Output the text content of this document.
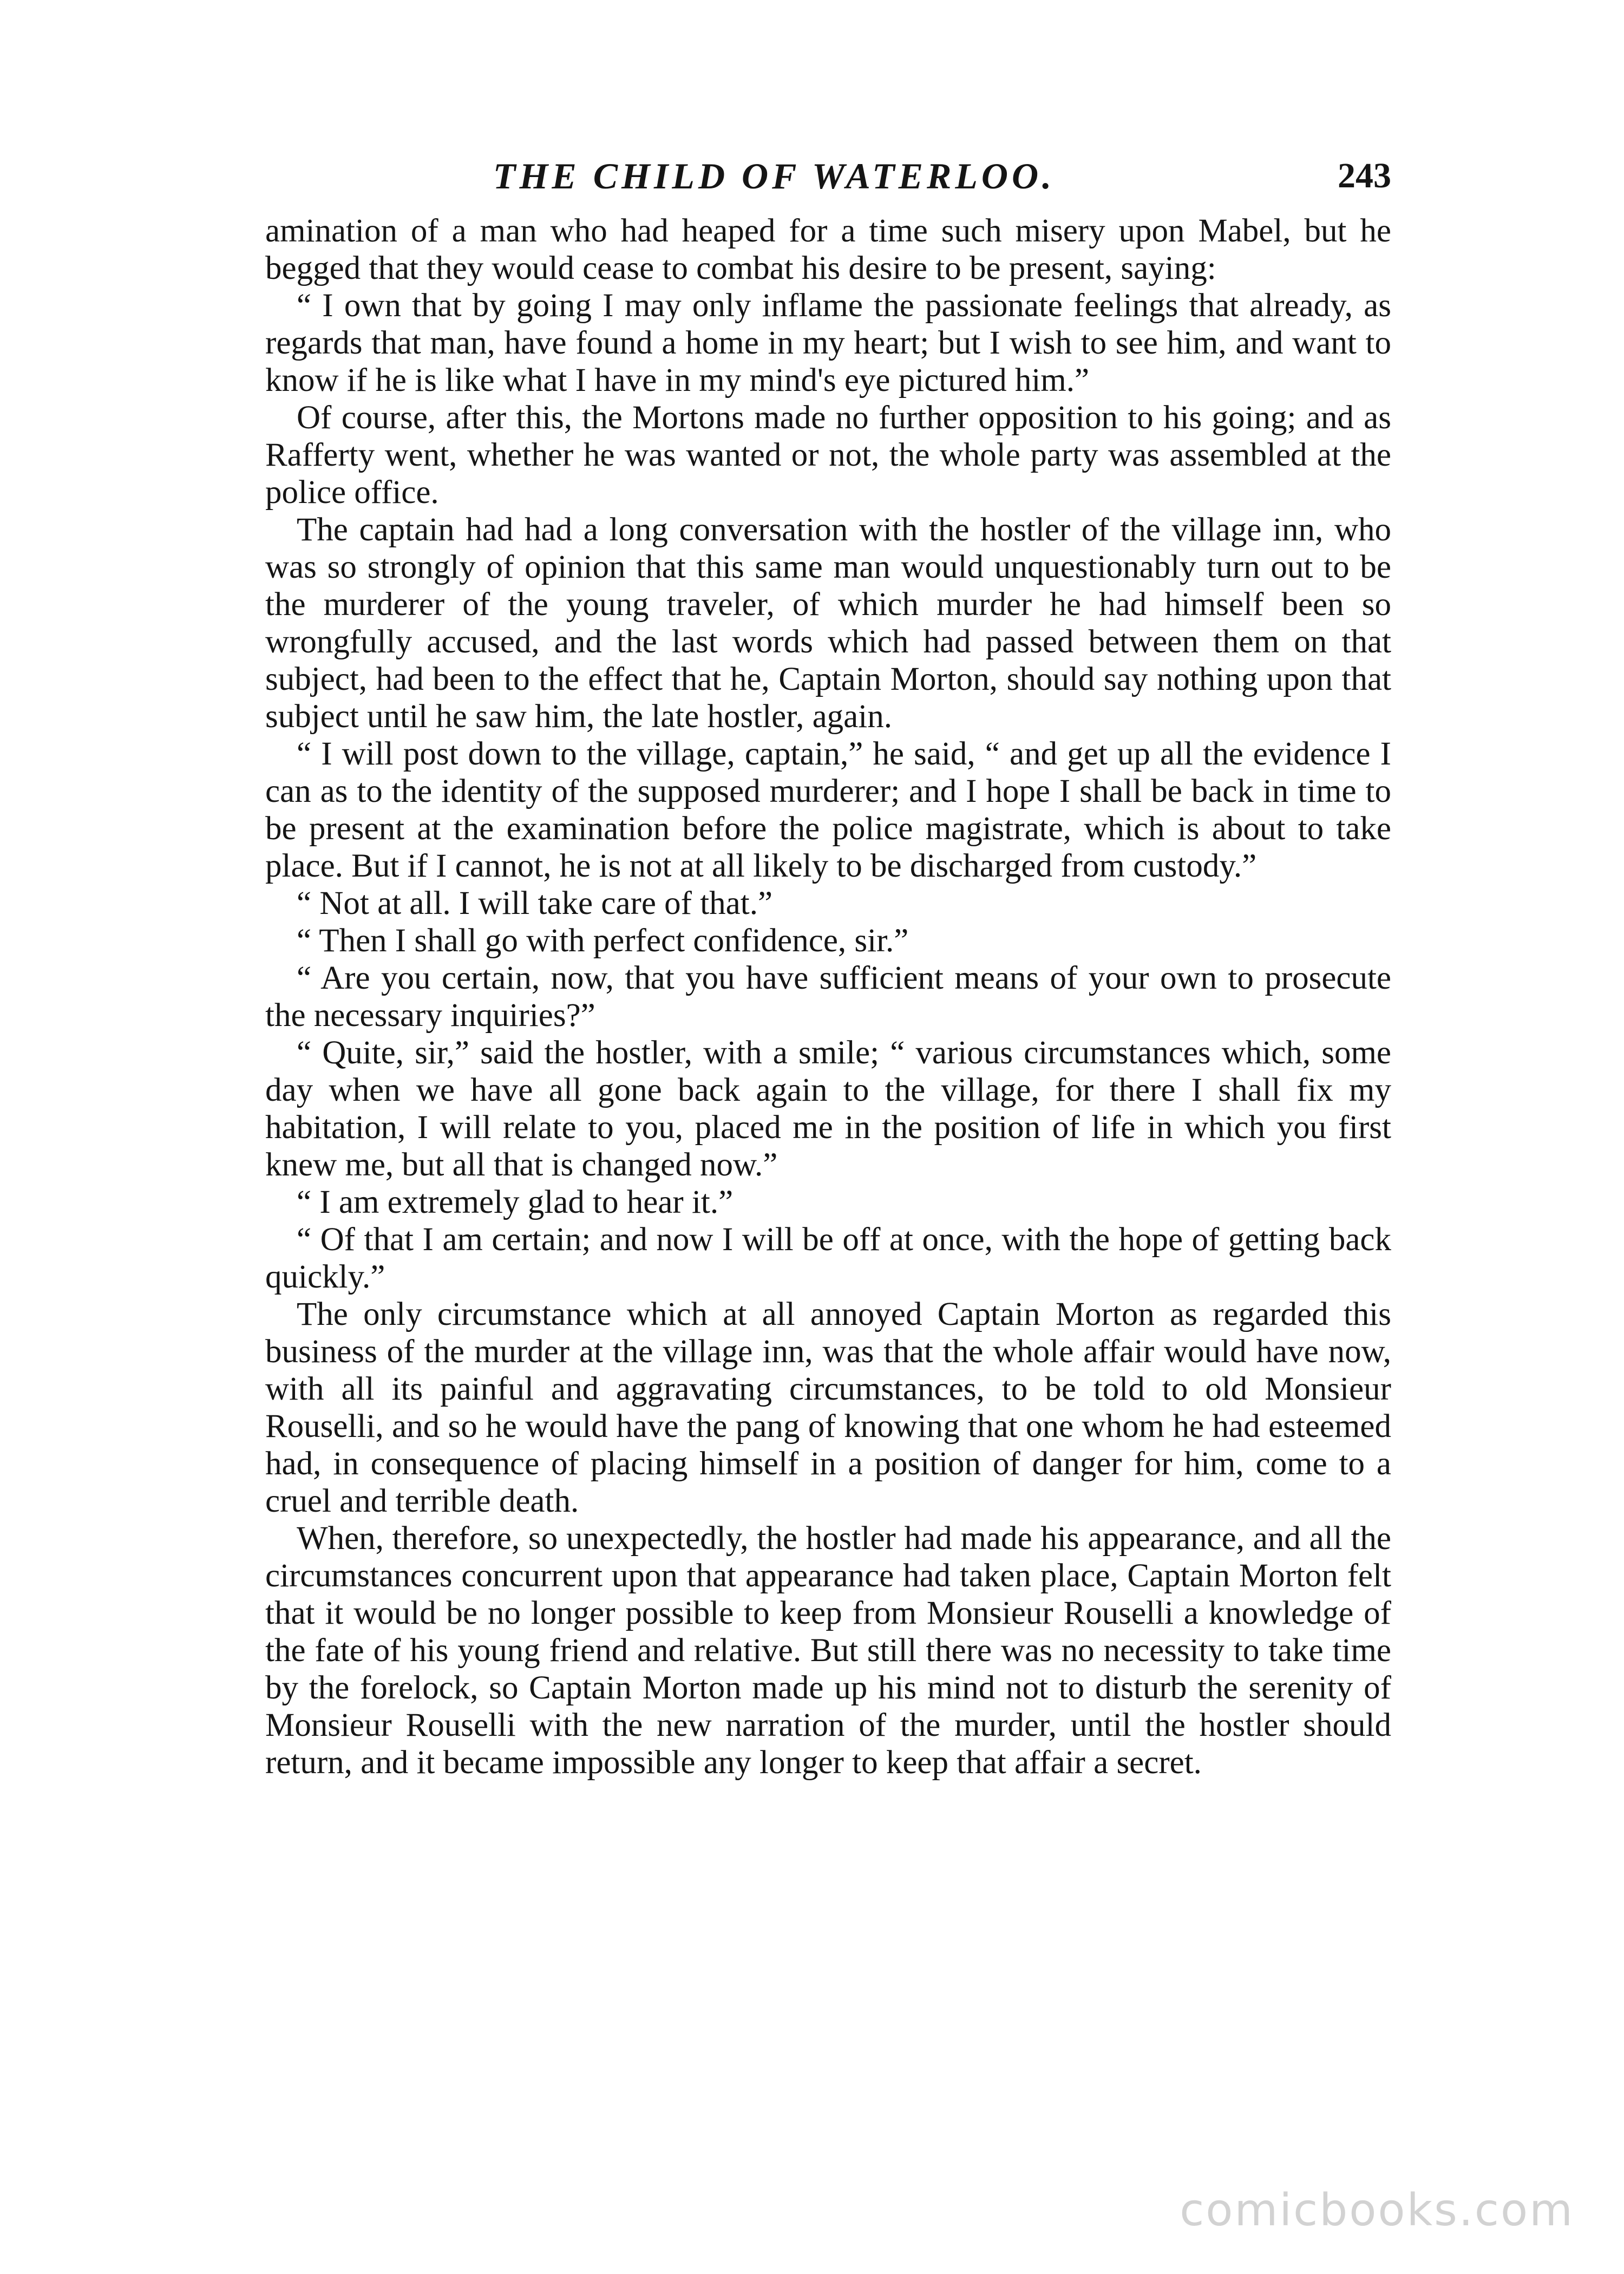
THE CHILD OF WATERLOO.	243

amination of a man who had heaped for a time such misery upon Mabel, but he begged that they would cease to combat his desire to be present, saying:

“ I own that by going I may only inflame the passionate feelings that already, as regards that man, have found a home in my heart; but I wish to see him, and want to know if he is like what I have in my mind's eye pictured him.”

Of course, after this, the Mortons made no further opposition to his going; and as Rafferty went, whether he was wanted or not, the whole party was assembled at the police office.

The captain had had a long conversation with the hostler of the village inn, who was so strongly of opinion that this same man would unquestionably turn out to be the murderer of the young traveler, of which murder he had himself been so wrongfully accused, and the last words which had passed between them on that subject, had been to the effect that he, Captain Morton, should say nothing upon that subject until he saw him, the late hostler, again.

“ I will post down to the village, captain,” he said, “ and get up all the evidence I can as to the identity of the supposed murderer; and I hope I shall be back in time to be present at the examination before the police magistrate, which is about to take place. But if I cannot, he is not at all likely to be discharged from custody.”

“ Not at all. I will take care of that.”

“ Then I shall go with perfect confidence, sir.”

“ Are you certain, now, that you have sufficient means of your own to prosecute the necessary inquiries?”

“ Quite, sir,” said the hostler, with a smile; “ various circumstances which, some day when we have all gone back again to the village, for there I shall fix my habitation, I will relate to you, placed me in the position of life in which you first knew me, but all that is changed now.”

“ I am extremely glad to hear it.”

“ Of that I am certain; and now I will be off at once, with the hope of getting back quickly.”

The only circumstance which at all annoyed Captain Morton as regarded this business of the murder at the village inn, was that the whole affair would have now, with all its painful and aggravating circumstances, to be told to old Monsieur Rouselli, and so he would have the pang of knowing that one whom he had esteemed had, in consequence of placing himself in a position of danger for him, come to a cruel and terrible death.

When, therefore, so unexpectedly, the hostler had made his appearance, and all the circumstances concurrent upon that appearance had taken place, Captain Morton felt that it would be no longer possible to keep from Monsieur Rouselli a knowledge of the fate of his young friend and relative. But still there was no necessity to take time by the forelock, so Captain Morton made up his mind not to disturb the serenity of Monsieur Rouselli with the new narration of the murder, until the hostler should return, and it became impossible any longer to keep that affair a secret.

comicbooks.com
